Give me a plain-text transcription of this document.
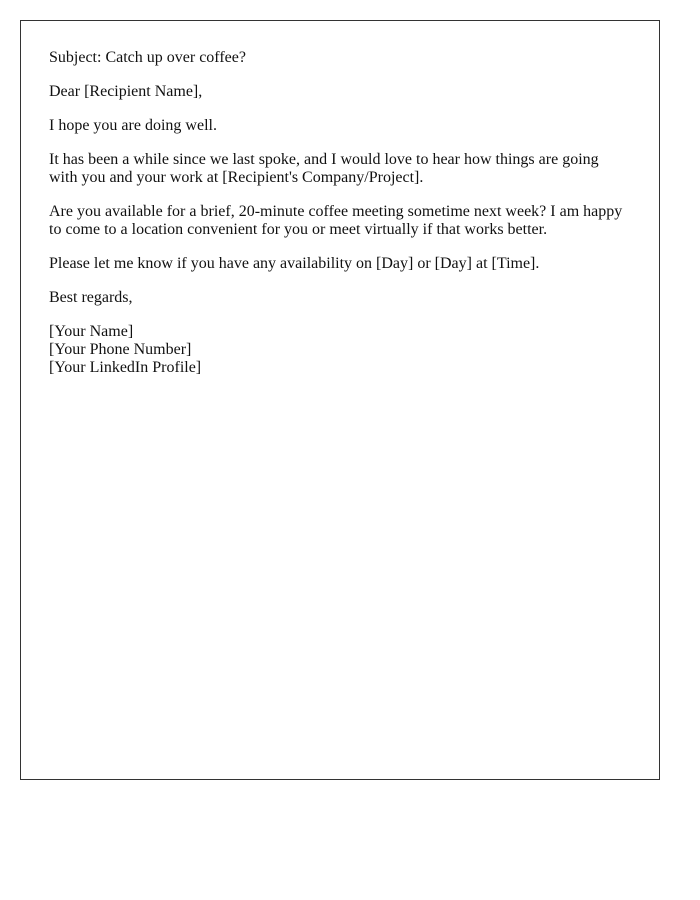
Subject: Catch up over coffee?

Dear [Recipient Name],

I hope you are doing well.

It has been a while since we last spoke, and I would love to hear how things are going with you and your work at [Recipient's Company/Project].

Are you available for a brief, 20-minute coffee meeting sometime next week? I am happy to come to a location convenient for you or meet virtually if that works better.

Please let me know if you have any availability on [Day] or [Day] at [Time].

Best regards,

[Your Name]
[Your Phone Number]
[Your LinkedIn Profile]
